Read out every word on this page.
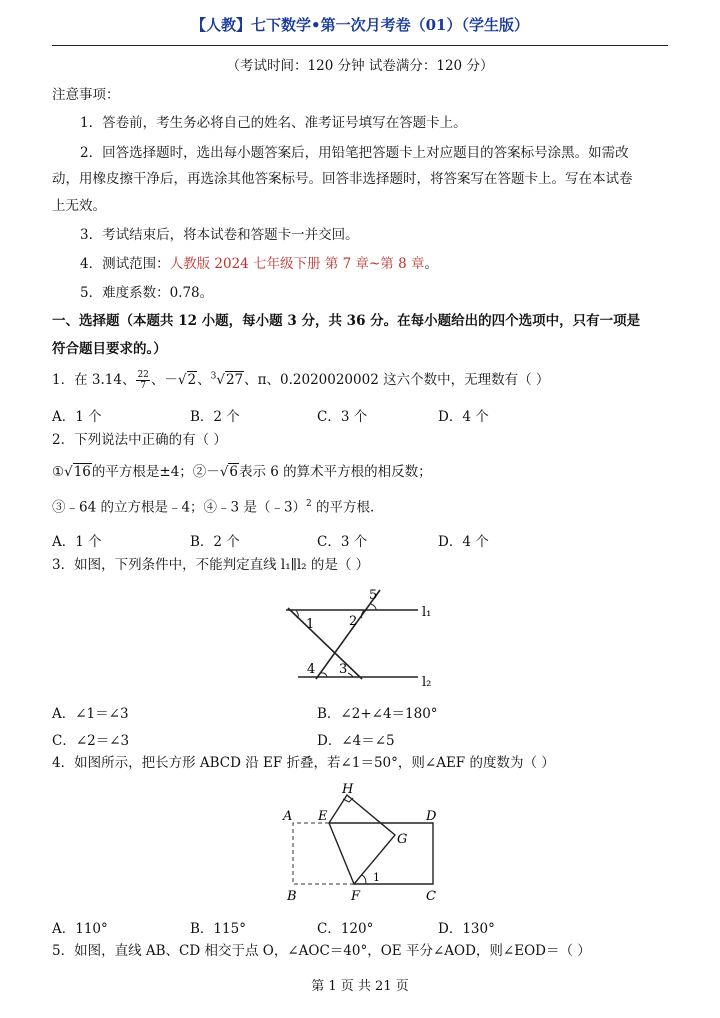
【人教】七下数学•第一次月考卷（01）（学生版）
（考试时间：120 分钟 试卷满分：120 分）
注意事项：
1．答卷前，考生务必将自己的姓名、准考证号填写在答题卡上。
2．回答选择题时，选出每小题答案后，用铅笔把答题卡上对应题目的答案标号涂黑。如需改
动，用橡皮擦干净后，再选涂其他答案标号。回答非选择题时，将答案写在答题卡上。写在本试卷
上无效。
3．考试结束后，将本试卷和答题卡一并交回。
4．测试范围：人教版 2024 七年级下册 第 7 章~第 8 章。
5．难度系数：0.78。
一、选择题（本题共 12 小题，每小题 3 分，共 36 分。在每小题给出的四个选项中，只有一项是
符合题目要求的。）
1．在 3.14、 $\frac{22}{7}$ 、－√2、$^3$√27、π、0.2020020002 这六个数中，无理数有（ ）
A．1 个	B．2 个	C．3 个	D．4 个
2．下列说法中正确的有（ ）
①√16的平方根是±4；②－√6表示 6 的算术平方根的相反数；
③﹣64 的立方根是﹣4；④﹣3 是（﹣3）$^2$ 的平方根.
A．1 个	B．2 个	C．3 个	D．4 个
3．如图，下列条件中，不能判定直线 l₁∥l₂ 的是（ ）
5
1	2
4 3
l₁
l₂
A．∠1＝∠3	B．∠2+∠4＝180°
C．∠2＝∠3	D．∠4＝∠5
4．如图所示，把长方形 ABCD 沿 EF 折叠，若∠1＝50°，则∠AEF 的度数为（ ）
H
A E	D
G
B	F
1
C
A．110°	B．115°	C．120°	D．130°
5．如图，直线 AB、CD 相交于点 O，∠AOC＝40°，OE 平分∠AOD，则∠EOD＝（ ）
第 1 页 共 21 页
